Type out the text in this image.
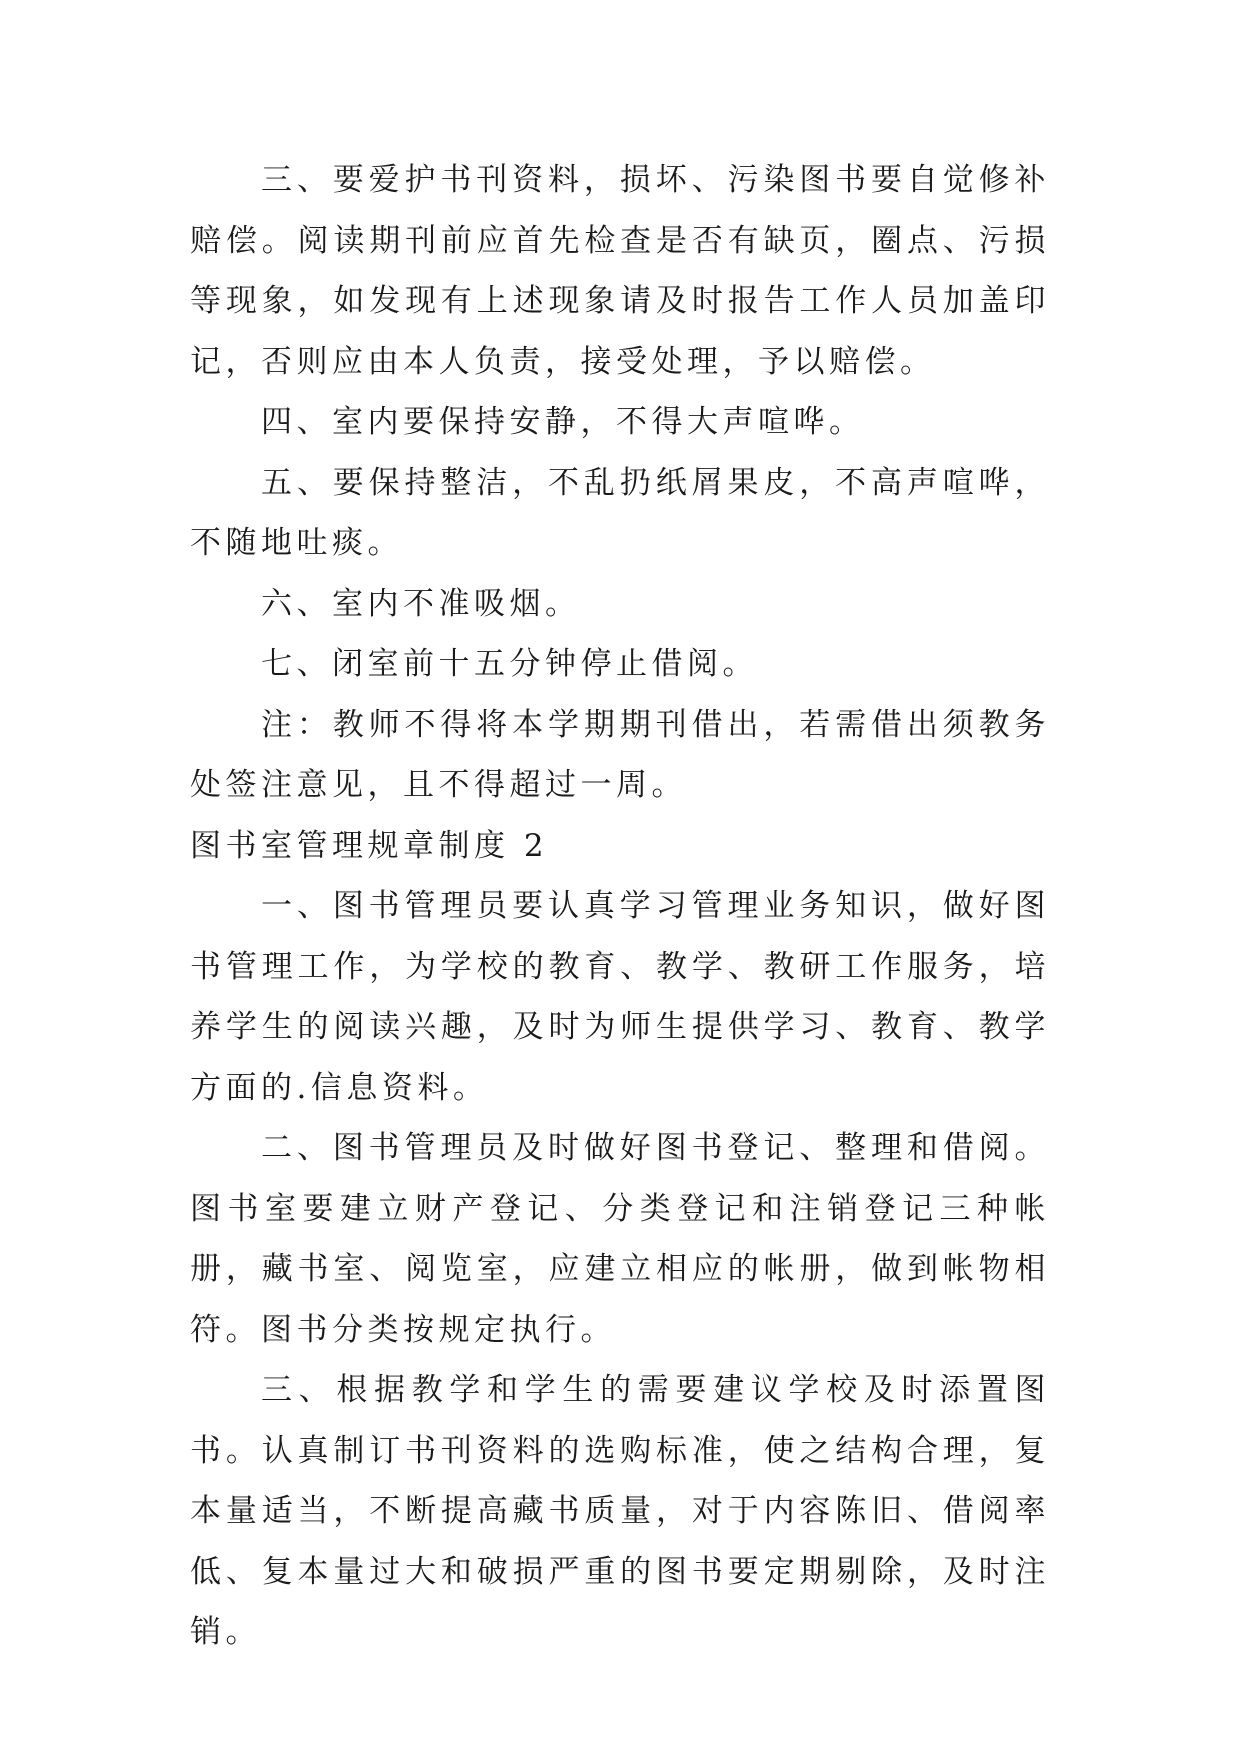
三、要爱护书刊资料，损坏、污染图书要自觉修补赔偿。阅读期刊前应首先检查是否有缺页，圈点、污损等现象，如发现有上述现象请及时报告工作人员加盖印记，否则应由本人负责，接受处理，予以赔偿。

四、室内要保持安静，不得大声喧哗。

五、要保持整洁，不乱扔纸屑果皮，不高声喧哗，不随地吐痰。

六、室内不准吸烟。

七、闭室前十五分钟停止借阅。

注：教师不得将本学期期刊借出，若需借出须教务处签注意见，且不得超过一周。

图书室管理规章制度 2

一、图书管理员要认真学习管理业务知识，做好图书管理工作，为学校的教育、教学、教研工作服务，培养学生的阅读兴趣，及时为师生提供学习、教育、教学方面的.信息资料。

二、图书管理员及时做好图书登记、整理和借阅。图书室要建立财产登记、分类登记和注销登记三种帐册，藏书室、阅览室，应建立相应的帐册，做到帐物相符。图书分类按规定执行。

三、根据教学和学生的需要建议学校及时添置图书。认真制订书刊资料的选购标准，使之结构合理，复本量适当，不断提高藏书质量，对于内容陈旧、借阅率低、复本量过大和破损严重的图书要定期剔除，及时注销。
